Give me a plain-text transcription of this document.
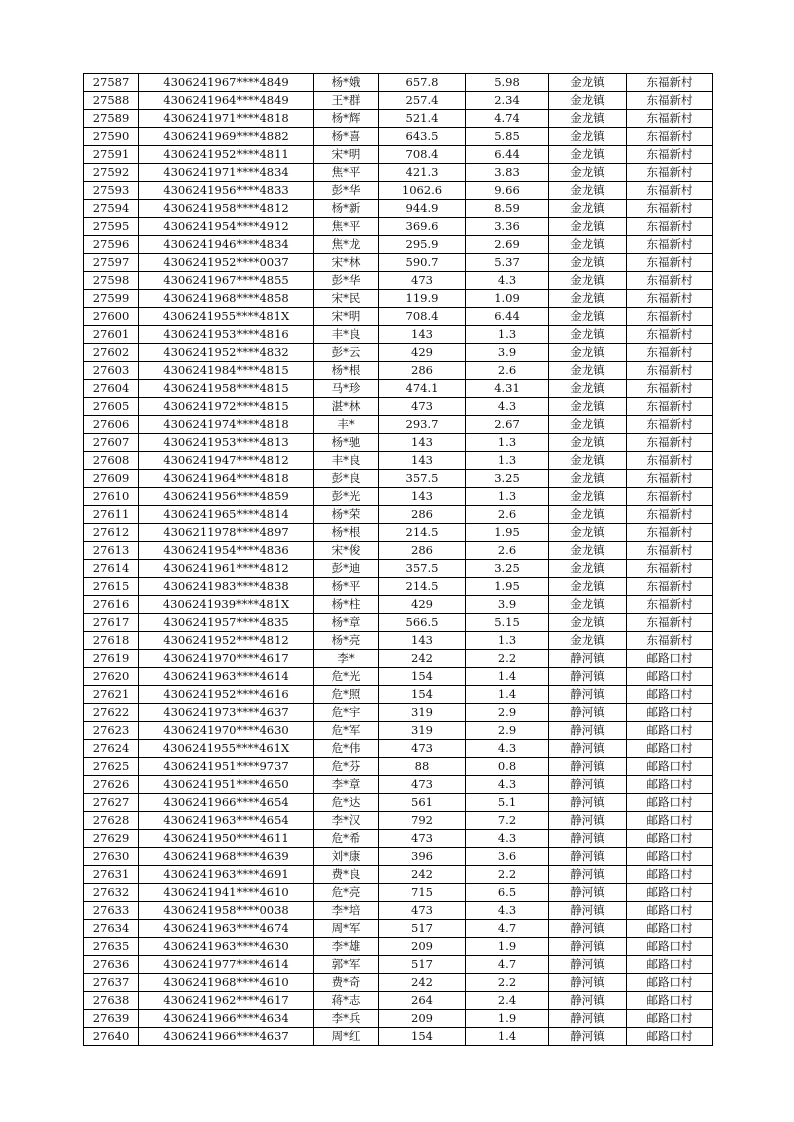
27587	4306241967****4849	杨*娥	657.8	5.98	金龙镇	东福新村
27588	4306241964****4849	王*群	257.4	2.34	金龙镇	东福新村
27589	4306241971****4818	杨*辉	521.4	4.74	金龙镇	东福新村
27590	4306241969****4882	杨*喜	643.5	5.85	金龙镇	东福新村
27591	4306241952****4811	宋*明	708.4	6.44	金龙镇	东福新村
27592	4306241971****4834	焦*平	421.3	3.83	金龙镇	东福新村
27593	4306241956****4833	彭*华	1062.6	9.66	金龙镇	东福新村
27594	4306241958****4812	杨*新	944.9	8.59	金龙镇	东福新村
27595	4306241954****4912	焦*平	369.6	3.36	金龙镇	东福新村
27596	4306241946****4834	焦*龙	295.9	2.69	金龙镇	东福新村
27597	4306241952****0037	宋*林	590.7	5.37	金龙镇	东福新村
27598	4306241967****4855	彭*华	473	4.3	金龙镇	东福新村
27599	4306241968****4858	宋*民	119.9	1.09	金龙镇	东福新村
27600	4306241955****481X	宋*明	708.4	6.44	金龙镇	东福新村
27601	4306241953****4816	丰*良	143	1.3	金龙镇	东福新村
27602	4306241952****4832	彭*云	429	3.9	金龙镇	东福新村
27603	4306241984****4815	杨*根	286	2.6	金龙镇	东福新村
27604	4306241958****4815	马*珍	474.1	4.31	金龙镇	东福新村
27605	4306241972****4815	湛*林	473	4.3	金龙镇	东福新村
27606	4306241974****4818	丰*	293.7	2.67	金龙镇	东福新村
27607	4306241953****4813	杨*驰	143	1.3	金龙镇	东福新村
27608	4306241947****4812	丰*良	143	1.3	金龙镇	东福新村
27609	4306241964****4818	彭*良	357.5	3.25	金龙镇	东福新村
27610	4306241956****4859	彭*光	143	1.3	金龙镇	东福新村
27611	4306241965****4814	杨*荣	286	2.6	金龙镇	东福新村
27612	4306211978****4897	杨*根	214.5	1.95	金龙镇	东福新村
27613	4306241954****4836	宋*俊	286	2.6	金龙镇	东福新村
27614	4306241961****4812	彭*迪	357.5	3.25	金龙镇	东福新村
27615	4306241983****4838	杨*平	214.5	1.95	金龙镇	东福新村
27616	4306241939****481X	杨*柱	429	3.9	金龙镇	东福新村
27617	4306241957****4835	杨*章	566.5	5.15	金龙镇	东福新村
27618	4306241952****4812	杨*亮	143	1.3	金龙镇	东福新村
27619	4306241970****4617	李*	242	2.2	静河镇	邮路口村
27620	4306241963****4614	危*光	154	1.4	静河镇	邮路口村
27621	4306241952****4616	危*照	154	1.4	静河镇	邮路口村
27622	4306241973****4637	危*宇	319	2.9	静河镇	邮路口村
27623	4306241970****4630	危*军	319	2.9	静河镇	邮路口村
27624	4306241955****461X	危*伟	473	4.3	静河镇	邮路口村
27625	4306241951****9737	危*芬	88	0.8	静河镇	邮路口村
27626	4306241951****4650	李*章	473	4.3	静河镇	邮路口村
27627	4306241966****4654	危*达	561	5.1	静河镇	邮路口村
27628	4306241963****4654	李*汉	792	7.2	静河镇	邮路口村
27629	4306241950****4611	危*希	473	4.3	静河镇	邮路口村
27630	4306241968****4639	刘*康	396	3.6	静河镇	邮路口村
27631	4306241963****4691	费*良	242	2.2	静河镇	邮路口村
27632	4306241941****4610	危*亮	715	6.5	静河镇	邮路口村
27633	4306241958****0038	李*培	473	4.3	静河镇	邮路口村
27634	4306241963****4674	周*军	517	4.7	静河镇	邮路口村
27635	4306241963****4630	李*雄	209	1.9	静河镇	邮路口村
27636	4306241977****4614	郭*军	517	4.7	静河镇	邮路口村
27637	4306241968****4610	费*奇	242	2.2	静河镇	邮路口村
27638	4306241962****4617	蒋*志	264	2.4	静河镇	邮路口村
27639	4306241966****4634	李*兵	209	1.9	静河镇	邮路口村
27640	4306241966****4637	周*红	154	1.4	静河镇	邮路口村
